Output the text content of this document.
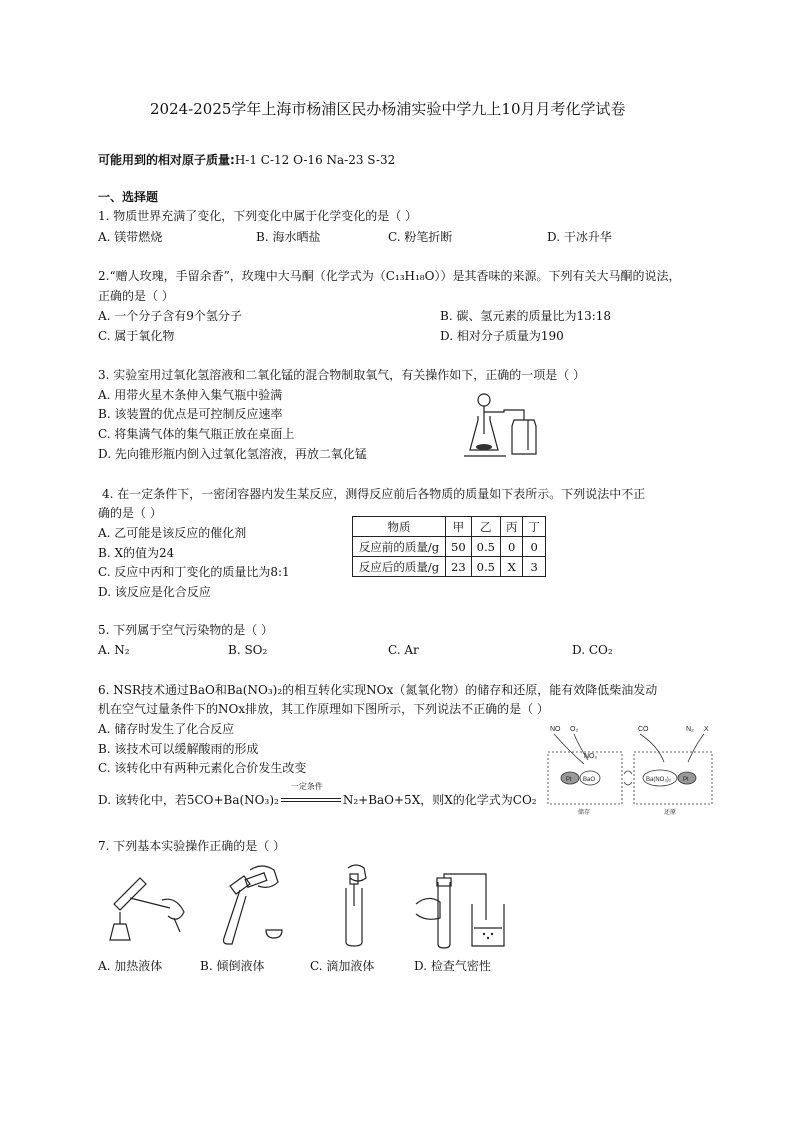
2024-2025学年上海市杨浦区民办杨浦实验中学九上10月月考化学试卷
可能用到的相对原子质量:H-1 C-12 O-16 Na-23 S-32
一、选择题
1. 物质世界充满了变化，下列变化中属于化学变化的是（ ）
A. 镁带燃烧	B. 海水晒盐	C. 粉笔折断	D. 干冰升华
2.“赠人玫瑰，手留余香”，玫瑰中大马酮（化学式为（C₁₃H₁₈O））是其香味的来源。下列有关大马酮的说法，
正确的是（ ）
A. 一个分子含有9个氢分子	B. 碳、氢元素的质量比为13:18
C. 属于氧化物	D. 相对分子质量为190
3. 实验室用过氧化氢溶液和二氧化锰的混合物制取氧气，有关操作如下，正确的一项是（ ）
A. 用带火星木条伸入集气瓶中验满
B. 该装置的优点是可控制反应速率
C. 将集满气体的集气瓶正放在桌面上
D. 先向锥形瓶内倒入过氧化氢溶液，再放二氧化锰
4. 在一定条件下，一密闭容器内发生某反应，测得反应前后各物质的质量如下表所示。下列说法中不正
确的是（ ）
A. 乙可能是该反应的催化剂
B. X的值为24
C. 反应中丙和丁变化的质量比为8:1
D. 该反应是化合反应
物质	甲	乙	丙	丁
反应前的质量/g	50	0.5	0	0
反应后的质量/g	23	0.5	X	3
5. 下列属于空气污染物的是（ ）
A. N₂	B. SO₂	C. Ar	D. CO₂
6. NSR技术通过BaO和Ba(NO₃)₂的相互转化实现NOx（氮氧化物）的储存和还原，能有效降低柴油发动
机在空气过量条件下的NOx排放，其工作原理如下图所示，下列说法不正确的是（ ）
A. 储存时发生了化合反应
B. 该技术可以缓解酸雨的形成
C. 该转化中有两种元素化合价发生改变
D. 该转化中，若5CO+Ba(NO₃)₂
一定条件
N₂+BaO+5X，则X的化学式为CO₂
NO O₂
NO₂
CO	N₂ X
Pt BaO	Ba(NO₃)₂ Pt
储存	还原
7. 下列基本实验操作正确的是（ ）
A. 加热液体	B. 倾倒液体	C. 滴加液体	D. 检查气密性
